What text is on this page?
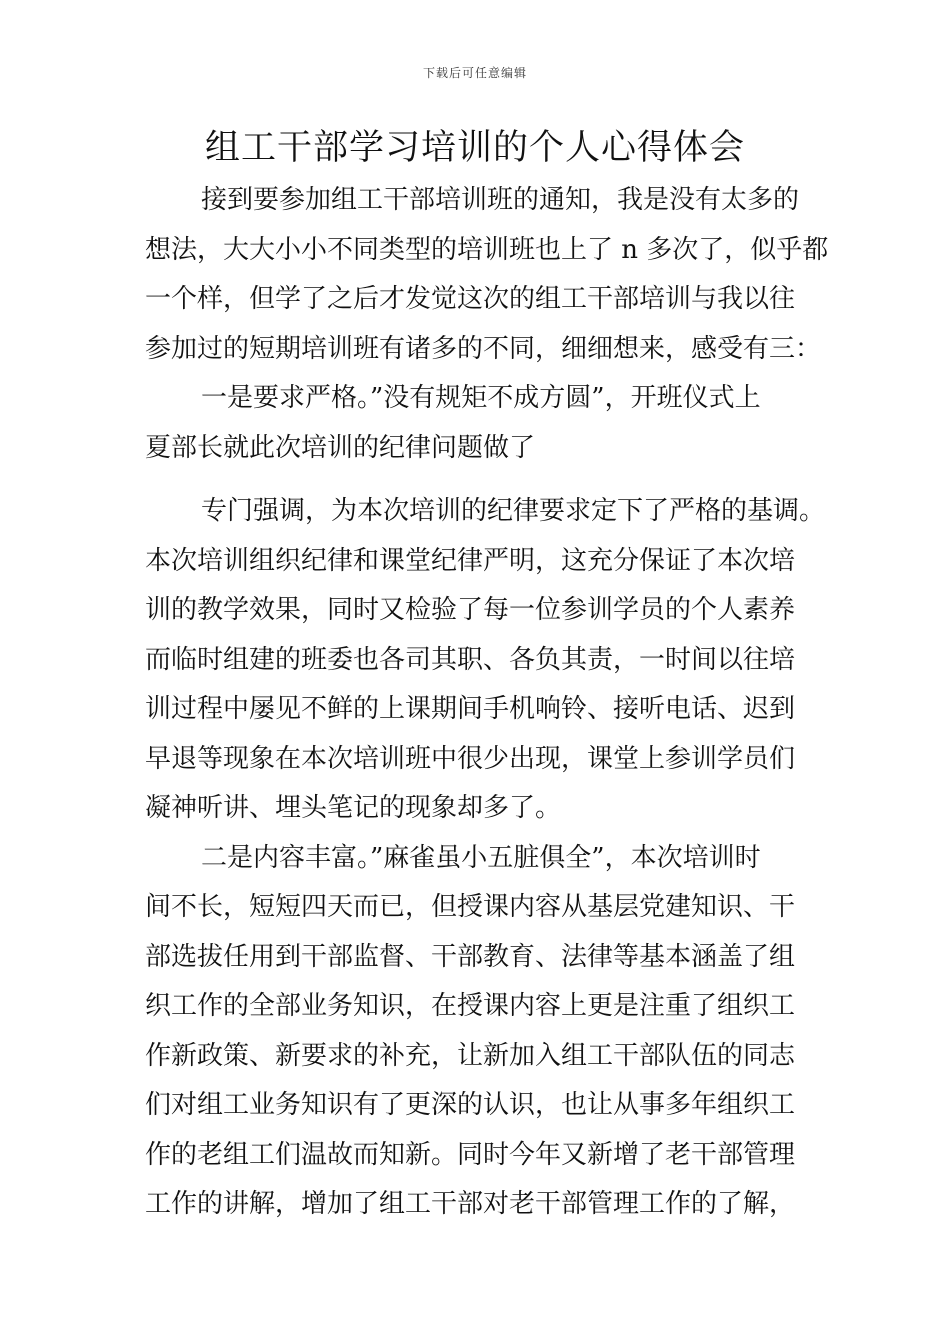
下载后可任意编辑
组工干部学习培训的个人心得体会
接到要参加组工干部培训班的通知，我是没有太多的
想法，大大小小不同类型的培训班也上了 n 多次了，似乎都
一个样，但学了之后才发觉这次的组工干部培训与我以往
参加过的短期培训班有诸多的不同，细细想来，感受有三：
一是要求严格。”没有规矩不成方圆”，开班仪式上
夏部长就此次培训的纪律问题做了
专门强调，为本次培训的纪律要求定下了严格的基调。
本次培训组织纪律和课堂纪律严明，这充分保证了本次培
训的教学效果，同时又检验了每一位参训学员的个人素养
而临时组建的班委也各司其职、各负其责，一时间以往培
训过程中屡见不鲜的上课期间手机响铃、接听电话、迟到
早退等现象在本次培训班中很少出现，课堂上参训学员们
凝神听讲、埋头笔记的现象却多了。
二是内容丰富。”麻雀虽小五脏俱全”，本次培训时
间不长，短短四天而已，但授课内容从基层党建知识、干
部选拔任用到干部监督、干部教育、法律等基本涵盖了组
织工作的全部业务知识，在授课内容上更是注重了组织工
作新政策、新要求的补充，让新加入组工干部队伍的同志
们对组工业务知识有了更深的认识，也让从事多年组织工
作的老组工们温故而知新。同时今年又新增了老干部管理
工作的讲解，增加了组工干部对老干部管理工作的了解，
